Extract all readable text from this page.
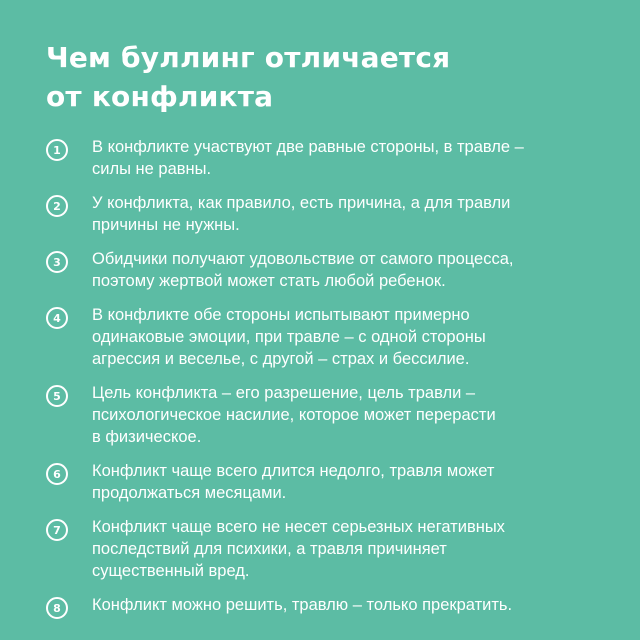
Чем буллинг отличается
от конфликта
1	В конфликте участвуют две равные стороны, в травле –
силы не равны.
2	У конфликта, как правило, есть причина, а для травли
причины не нужны.
3	Обидчики получают удовольствие от самого процесса,
поэтому жертвой может стать любой ребенок.
4	В конфликте обе стороны испытывают примерно
одинаковые эмоции, при травле – с одной стороны
агрессия и веселье, с другой – страх и бессилие.
5	Цель конфликта – его разрешение, цель травли –
психологическое насилие, которое может перерасти
в физическое.
6	Конфликт чаще всего длится недолго, травля может
продолжаться месяцами.
7	Конфликт чаще всего не несет серьезных негативных
последствий для психики, а травля причиняет
существенный вред.
8	Конфликт можно решить, травлю – только прекратить.
